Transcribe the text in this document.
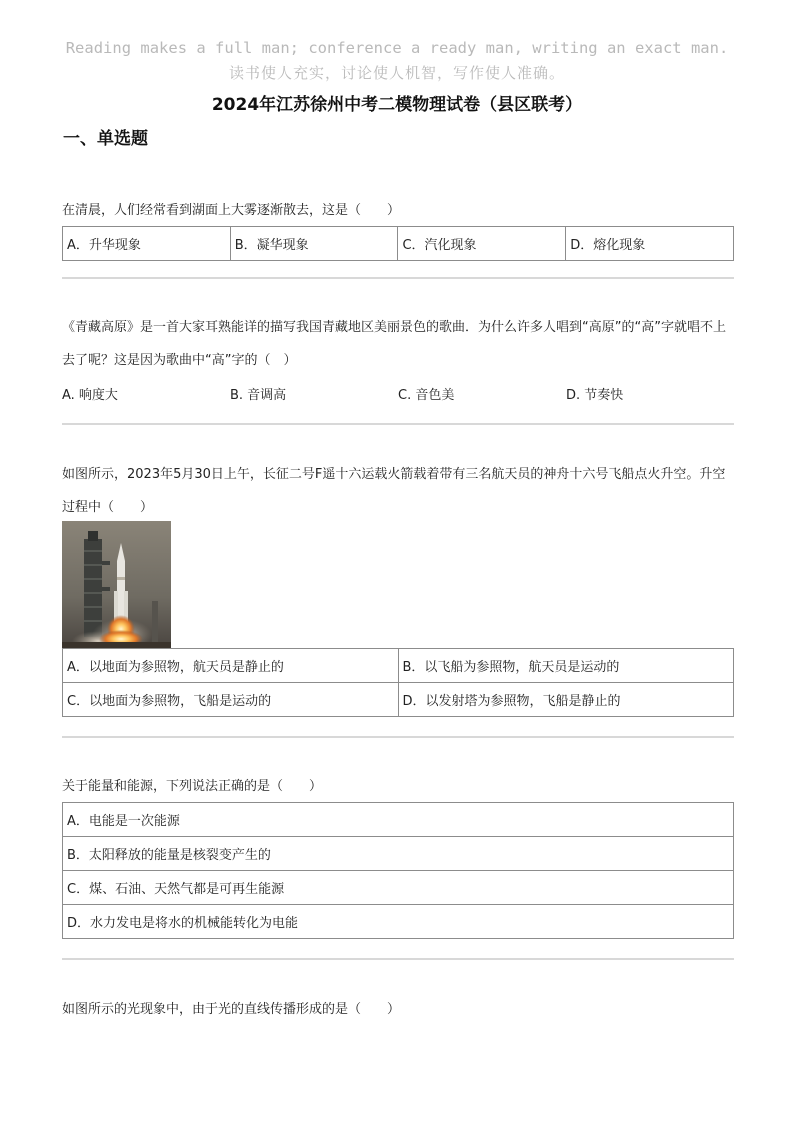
Reading makes a full man; conference a ready man, writing an exact man.
读书使人充实，讨论使人机智，写作使人准确。
2024年江苏徐州中考二模物理试卷（县区联考）
一、单选题
在清晨，人们经常看到湖面上大雾逐渐散去，这是（　　）
A．升华现象	B．凝华现象	C．汽化现象	D．熔化现象
《青藏高原》是一首大家耳熟能详的描写我国青藏地区美丽景色的歌曲．为什么许多人唱到“高原”的“高”字就唱不上去了呢？这是因为歌曲中“高”字的（　）
A. 响度大	B. 音调高	C. 音色美	D. 节奏快
如图所示，2023年5月30日上午，长征二号F遥十六运载火箭载着带有三名航天员的神舟十六号飞船点火升空。升空过程中（　　）
A．以地面为参照物，航天员是静止的	B．以飞船为参照物，航天员是运动的
C．以地面为参照物，飞船是运动的	D．以发射塔为参照物，飞船是静止的
关于能量和能源，下列说法正确的是（　　）
A．电能是一次能源
B．太阳释放的能量是核裂变产生的
C．煤、石油、天然气都是可再生能源
D．水力发电是将水的机械能转化为电能
如图所示的光现象中，由于光的直线传播形成的是（　　）
